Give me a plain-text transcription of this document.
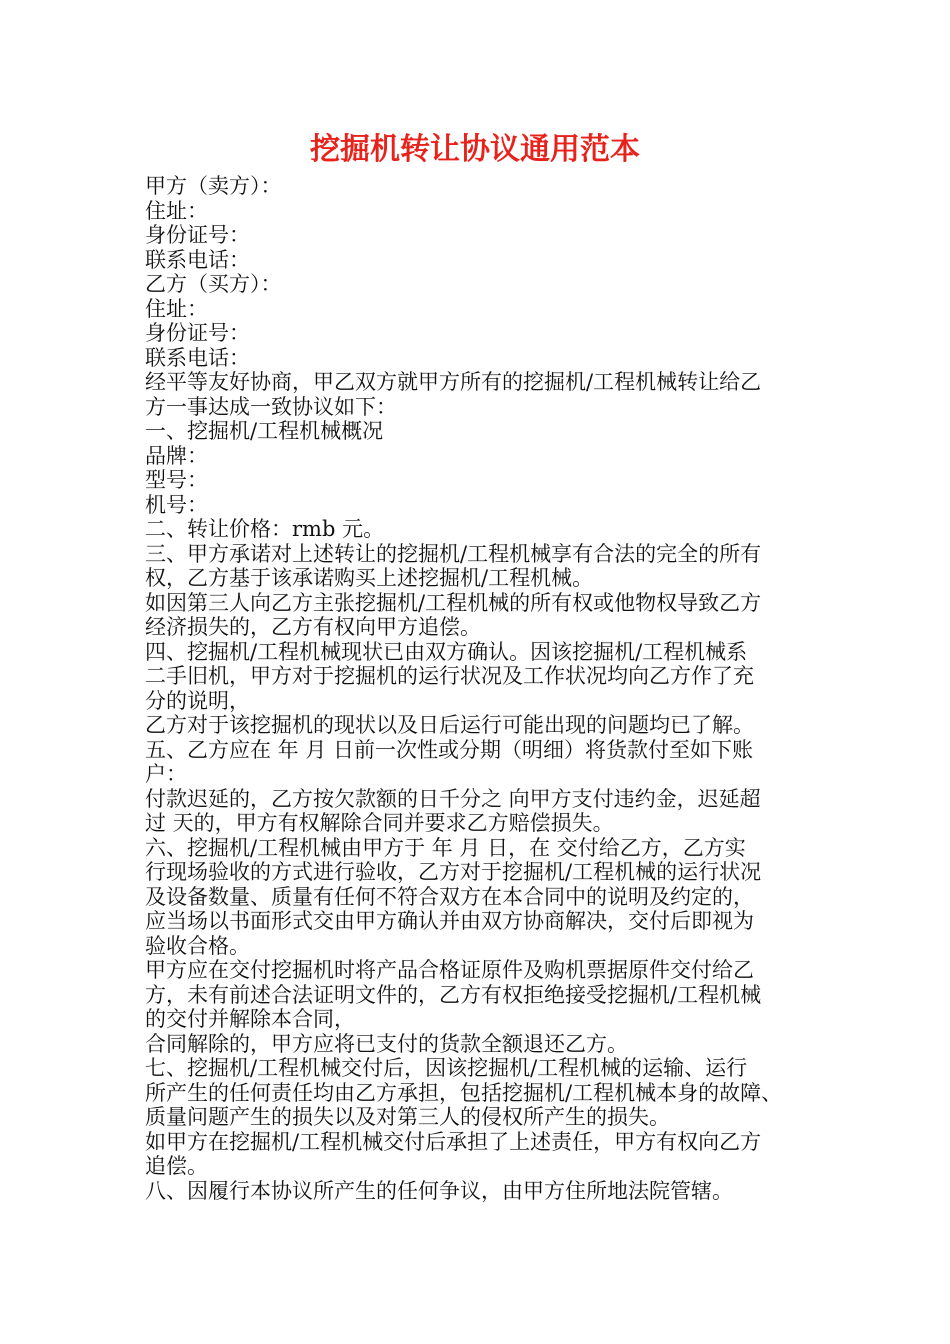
挖掘机转让协议通用范本

甲方（卖方）：

住址：

身份证号：

联系电话：

乙方（买方）：

住址：

身份证号：

联系电话：

经平等友好协商，甲乙双方就甲方所有的挖掘机/工程机械转让给乙

方一事达成一致协议如下：

一、挖掘机/工程机械概况

品牌：

型号：

机号：

二、转让价格：rmb 元。

三、甲方承诺对上述转让的挖掘机/工程机械享有合法的完全的所有

权，乙方基于该承诺购买上述挖掘机/工程机械。

如因第三人向乙方主张挖掘机/工程机械的所有权或他物权导致乙方

经济损失的，乙方有权向甲方追偿。

四、挖掘机/工程机械现状已由双方确认。因该挖掘机/工程机械系

二手旧机，甲方对于挖掘机的运行状况及工作状况均向乙方作了充

分的说明，

乙方对于该挖掘机的现状以及日后运行可能出现的问题均已了解。

五、乙方应在 年 月 日前一次性或分期（明细）将货款付至如下账

户：

付款迟延的，乙方按欠款额的日千分之 向甲方支付违约金，迟延超

过 天的，甲方有权解除合同并要求乙方赔偿损失。

六、挖掘机/工程机械由甲方于 年 月 日，在 交付给乙方，乙方实

行现场验收的方式进行验收，乙方对于挖掘机/工程机械的运行状况

及设备数量、质量有任何不符合双方在本合同中的说明及约定的，

应当场以书面形式交由甲方确认并由双方协商解决，交付后即视为

验收合格。

甲方应在交付挖掘机时将产品合格证原件及购机票据原件交付给乙

方，未有前述合法证明文件的，乙方有权拒绝接受挖掘机/工程机械

的交付并解除本合同，

合同解除的，甲方应将已支付的货款全额退还乙方。

七、挖掘机/工程机械交付后，因该挖掘机/工程机械的运输、运行

所产生的任何责任均由乙方承担，包括挖掘机/工程机械本身的故障、

质量问题产生的损失以及对第三人的侵权所产生的损失。

如甲方在挖掘机/工程机械交付后承担了上述责任，甲方有权向乙方

追偿。

八、因履行本协议所产生的任何争议，由甲方住所地法院管辖。
